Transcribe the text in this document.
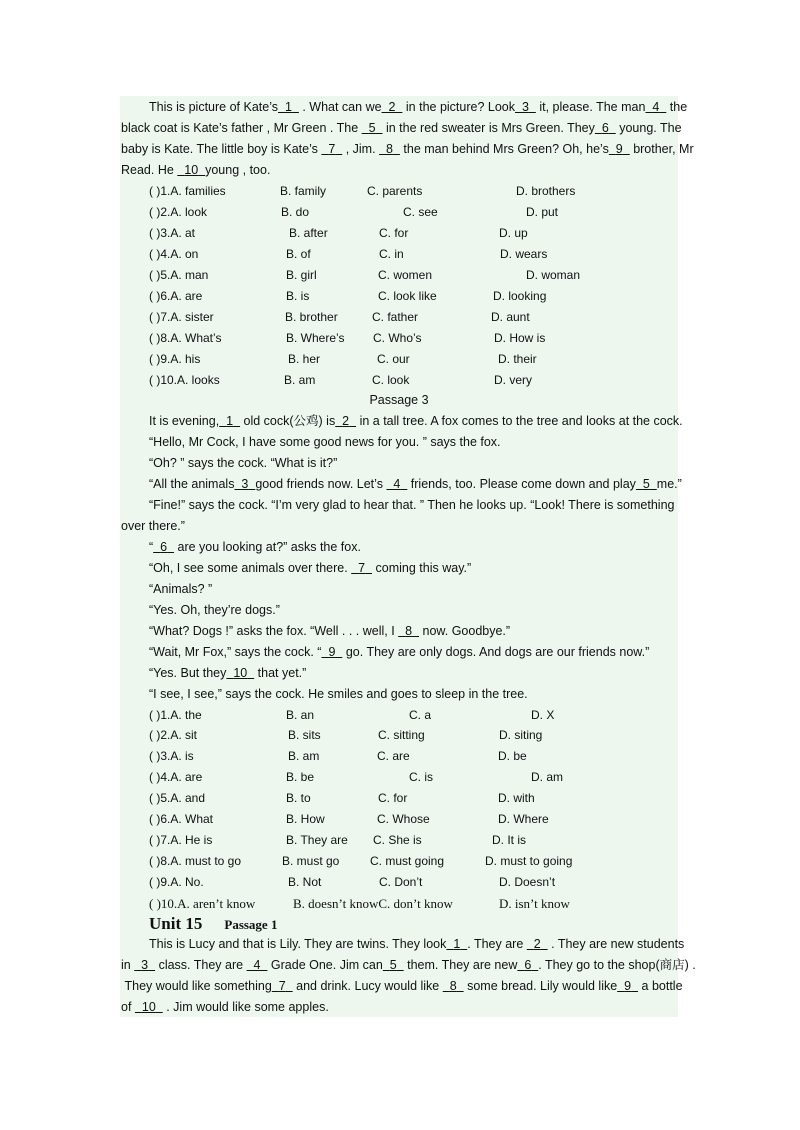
This is picture of Kate’s 1 . What can we 2 in the picture? Look 3 it, please. The man 4 the
black coat is Kate’s father , Mr Green . The 5 in the red sweater is Mrs Green. They 6 young. The
baby is Kate. The little boy is Kate’s 7 , Jim. 8 the man behind Mrs Green? Oh, he’s 9 brother, Mr
Read. He 10 young , too.
( )1.A. families	B. family	C. parents	D. brothers
( )2.A. look	B. do	C. see	D. put
( )3.A. at	B. after	C. for	D. up
( )4.A. on	B. of	C. in	D. wears
( )5.A. man	B. girl	C. women	D. woman
( )6.A. are	B. is	C. look like	D. looking
( )7.A. sister	B. brother	C. father	D. aunt
( )8.A. What’s	B. Where’s C. Who’s	D. How is
( )9.A. his	B. her	C. our	D. their
( )10.A. looks	B. am	C. look	D. very
Passage 3
It is evening, 1 old cock(公鸡) is 2 in a tall tree. A fox comes to the tree and looks at the cock.
“Hello, Mr Cock, I have some good news for you. ” says the fox.
“Oh? ” says the cock. “What is it?”
“All the animals 3 good friends now. Let’s 4 friends, too. Please come down and play 5 me.”
“Fine!” says the cock. “I’m very glad to hear that. ” Then he looks up. “Look! There is something
over there.”
“ 6 are you looking at?” asks the fox.
“Oh, I see some animals over there. 7 coming this way.”
“Animals? ”
“Yes. Oh, they’re dogs.”
“What? Dogs !” asks the fox. “Well . . . well, I 8 now. Goodbye.”
“Wait, Mr Fox,” says the cock. “ 9 go. They are only dogs. And dogs are our friends now.”
“Yes. But they 10 that yet.”
“I see, I see,” says the cock. He smiles and goes to sleep in the tree.
( )1.A. the	B. an	C. a	D. X
( )2.A. sit	B. sits	C. sitting	D. siting
( )3.A. is	B. am	C. are	D. be
( )4.A. are	B. be	C. is	D. am
( )5.A. and	B. to	C. for	D. with
( )6.A. What	B. How	C. Whose	D. Where
( )7.A. He is	B. They are C. She is	D. It is
( )8.A. must to go	B. must go	C. must going	D. must to going
( )9.A. No.	B. Not	C. Don’t	D. Doesn’t
( )10.A. aren’t know	B. doesn’t knowC. don’t know	D. isn’t know
Unit 15 Passage 1
This is Lucy and that is Lily. They are twins. They look 1 . They are 2 . They are new students
in 3 class. They are 4 Grade One. Jim can 5 them. They are new 6 . They go to the shop(商店) .
They would like something 7 and drink. Lucy would like 8 some bread. Lily would like 9 a bottle
of 10 . Jim would like some apples.
